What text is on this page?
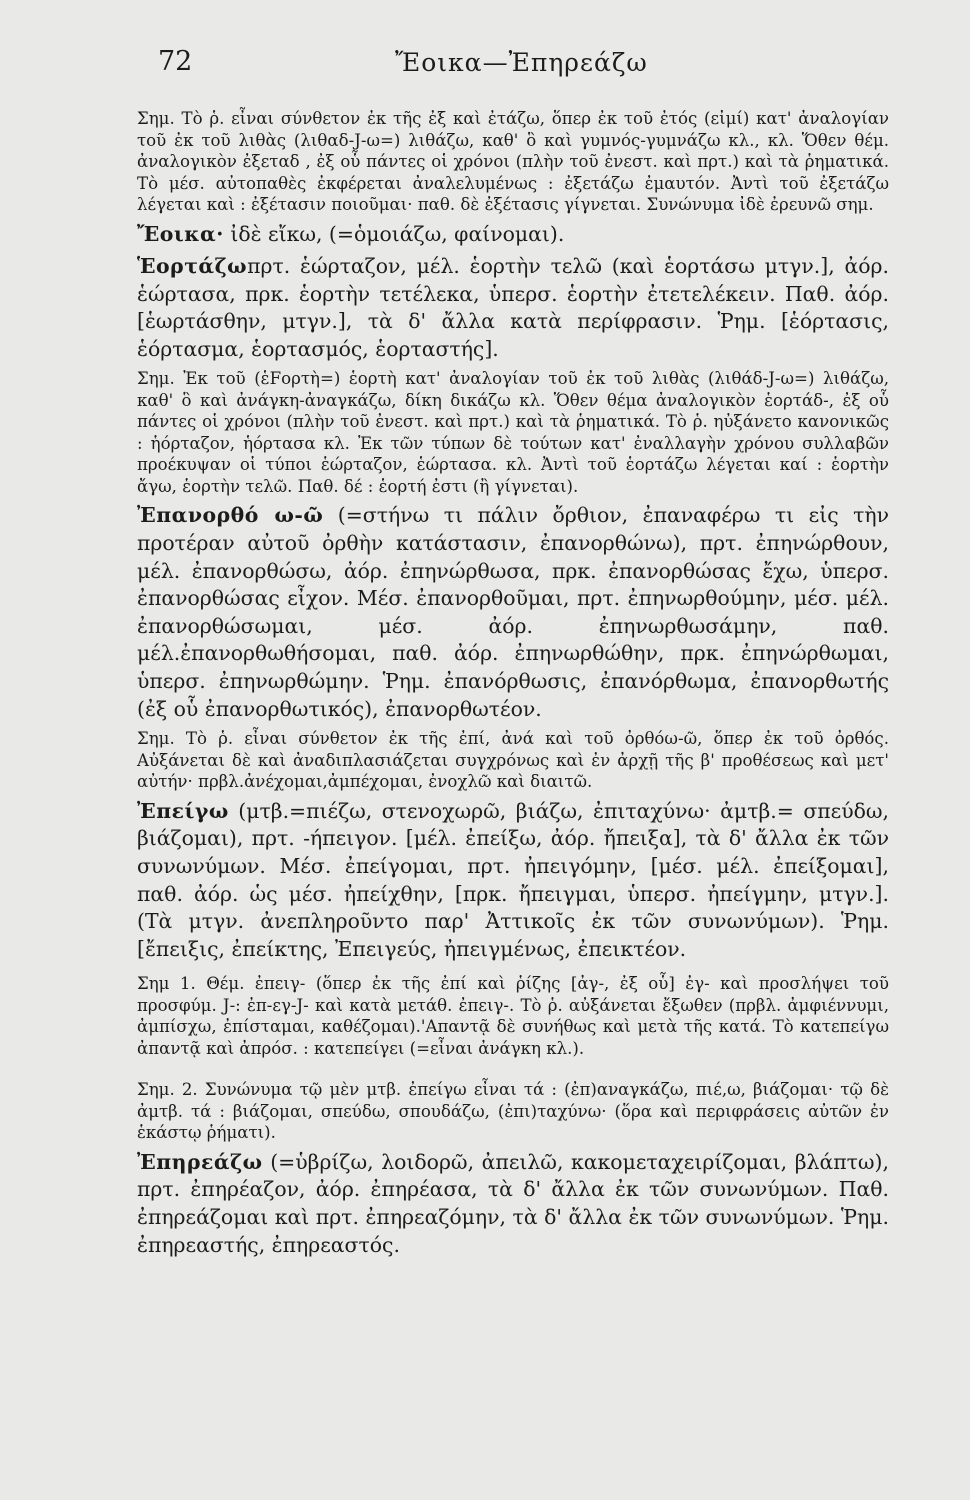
72	Ἔοικα—Ἐπηρεάζω

Σημ. Τὸ ῥ. εἶναι σύνθετον ἐκ τῆς ἐξ καὶ ἐτάζω, ὅπερ ἐκ τοῦ ἐτός (εἰμί) κατ' ἀναλογίαν τοῦ ἐκ τοῦ λιθὰς (λιθαδ-J-ω=) λιθάζω, καθ' ὃ καὶ γυμνός-γυμνάζω κλ., κλ. Ὅθεν θέμ. ἀναλογικὸν ἐξεταδ , ἐξ οὗ πάντες οἱ χρόνοι (πλὴν τοῦ ἐνεστ. καὶ πρτ.) καὶ τὰ ῥηματικά. Τὸ μέσ. αὐτοπαθὲς ἐκφέρεται ἀναλελυμένως : ἐξετάζω ἐμαυτόν. Ἀντὶ τοῦ ἐξετάζω λέγεται καὶ : ἐξέτασιν ποιοῦμαι· παθ. δὲ ἐξέτασις γίγνεται. Συνώνυμα ἰδὲ ἐρευνῶ σημ.

Ἔοικα· ἰδὲ εἴκω, (=ὁμοιάζω, φαίνομαι).

Ἑορτάζωπρτ. ἑώρταζον, μέλ. ἑορτὴν τελῶ (καὶ ἑορτάσω μτγν.], ἀόρ. ἑώρτασα, πρκ. ἑορτὴν τετέλεκα, ὑπερσ. ἑορτὴν ἐτετελέκειν. Παθ. ἀόρ. [ἑωρτάσθην, μτγν.], τὰ δ' ἄλλα κατὰ περίφρασιν. Ῥημ. [ἑόρτασις, ἑόρτασμα, ἑορτασμός, ἑορταστής].

Σημ. Ἐκ τοῦ (ἑFορτὴ=) ἑορτὴ κατ' ἀναλογίαν τοῦ ἐκ τοῦ λιθὰς (λιθάδ-J-ω=) λιθάζω, καθ' ὃ καὶ ἀνάγκη-ἀναγκάζω, δίκη δικάζω κλ. Ὅθεν θέμα ἀναλογικὸν ἑορτάδ-, ἐξ οὗ πάντες οἱ χρόνοι (πλὴν τοῦ ἐνεστ. καὶ πρτ.) καὶ τὰ ῥηματικά. Τὸ ῥ. ηὐξάνετο κανονικῶς : ἡόρταζον, ἡόρτασα κλ. Ἐκ τῶν τύπων δὲ τούτων κατ' ἐναλλαγὴν χρόνου συλλαβῶν προέκυψαν οἱ τύποι ἑώρταζον, ἑώρτασα. κλ. Ἀντὶ τοῦ ἑορτάζω λέγεται καί : ἑορτὴν ἄγω, ἑορτὴν τελῶ. Παθ. δέ : ἑορτή ἐστι (ἢ γίγνεται).

Ἐπανορθό ω-ῶ (=στήνω τι πάλιν ὄρθιον, ἐπαναφέρω τι εἰς τὴν προτέραν αὐτοῦ ὀρθὴν κατάστασιν, ἐπανορθώνω), πρτ. ἐπηνώρθουν, μέλ. ἐπανορθώσω, ἀόρ. ἐπηνώρθωσα, πρκ. ἐπανορθώσας ἔχω, ὑπερσ. ἐπανορθώσας εἶχον. Μέσ. ἐπανορθοῦμαι, πρτ. ἐπηνωρθούμην, μέσ. μέλ. ἐπανορθώσωμαι, μέσ. ἀόρ. ἐπηνωρθωσάμην, παθ. μέλ.ἐπανορθωθήσομαι, παθ. ἀόρ. ἐπηνωρθώθην, πρκ. ἐπηνώρθωμαι, ὑπερσ. ἐπηνωρθώμην. Ῥημ. ἐπανόρθωσις, ἐπανόρθωμα, ἐπανορθωτής (ἐξ οὗ ἐπανορθωτικός), ἐπανορθωτέον.

Σημ. Τὸ ῥ. εἶναι σύνθετον ἐκ τῆς ἐπί, ἀνά καὶ τοῦ ὀρθόω-ῶ, ὅπερ ἐκ τοῦ ὀρθός. Αὐξάνεται δὲ καὶ ἀναδιπλασιάζεται συγχρόνως καὶ ἐν ἀρχῇ τῆς β' προθέσεως καὶ μετ' αὐτήν· πρβλ.ἀνέχομαι,ἀμπέχομαι, ἐνοχλῶ καὶ διαιτῶ.

Ἐπείγω (μτβ.=πιέζω, στενοχωρῶ, βιάζω, ἐπιταχύνω· ἀμτβ.= σπεύδω, βιάζομαι), πρτ. -ήπειγον. [μέλ. ἐπείξω, ἀόρ. ἤπειξα], τὰ δ' ἄλλα ἐκ τῶν συνωνύμων. Μέσ. ἐπείγομαι, πρτ. ἠπειγόμην, [μέσ. μέλ. ἐπείξομαι], παθ. ἀόρ. ὡς μέσ. ἠπείχθην, [πρκ. ἤπειγμαι, ὑπερσ. ἠπείγμην, μτγν.]. (Τὰ μτγν. ἀνεπληροῦντο παρ' Ἀττικοῖς ἐκ τῶν συνωνύμων). Ῥημ. [ἔπειξις, ἐπείκτης, Ἐπειγεύς, ἠπειγμένως, ἐπεικτέον.

Σημ 1. Θέμ. ἐπειγ- (ὅπερ ἐκ τῆς ἐπί καὶ ῥίζης [ἀγ-, ἐξ οὗ] ἐγ- καὶ προσλήψει τοῦ προσφύμ. J-: ἐπ-εγ-J- καὶ κατὰ μετάθ. ἐπειγ-. Τὸ ῥ. αὐξάνεται ἔξωθεν (πρβλ. ἀμφιέννυμι, ἀμπίσχω, ἐπίσταμαι, καθέζομαι).'Απαντᾷ δὲ συνήθως καὶ μετὰ τῆς κατά. Τὸ κατεπείγω ἀπαντᾷ καὶ ἀπρόσ. : κατεπείγει (=εἶναι ἀνάγκη κλ.).

Σημ. 2. Συνώνυμα τῷ μὲν μτβ. ἐπείγω εἶναι τά : (ἐπ)αναγκάζω, πιέ,ω, βιάζομαι· τῷ δὲ ἀμτβ. τά : βιάζομαι, σπεύδω, σπουδάζω, (ἐπι)ταχύνω· (ὅρα καὶ περιφράσεις αὐτῶν ἐν ἑκάστῳ ῥήματι).

Ἐπηρεάζω (=ὑβρίζω, λοιδορῶ, ἀπειλῶ, κακομεταχειρίζομαι, βλάπτω), πρτ. ἐπηρέαζον, ἀόρ. ἐπηρέασα, τὰ δ' ἄλλα ἐκ τῶν συνωνύμων. Παθ. ἐπηρεάζομαι καὶ πρτ. ἐπηρεαζόμην, τὰ δ' ἄλλα ἐκ τῶν συνωνύμων. Ῥημ. ἐπηρεαστής, ἐπηρεαστός.
